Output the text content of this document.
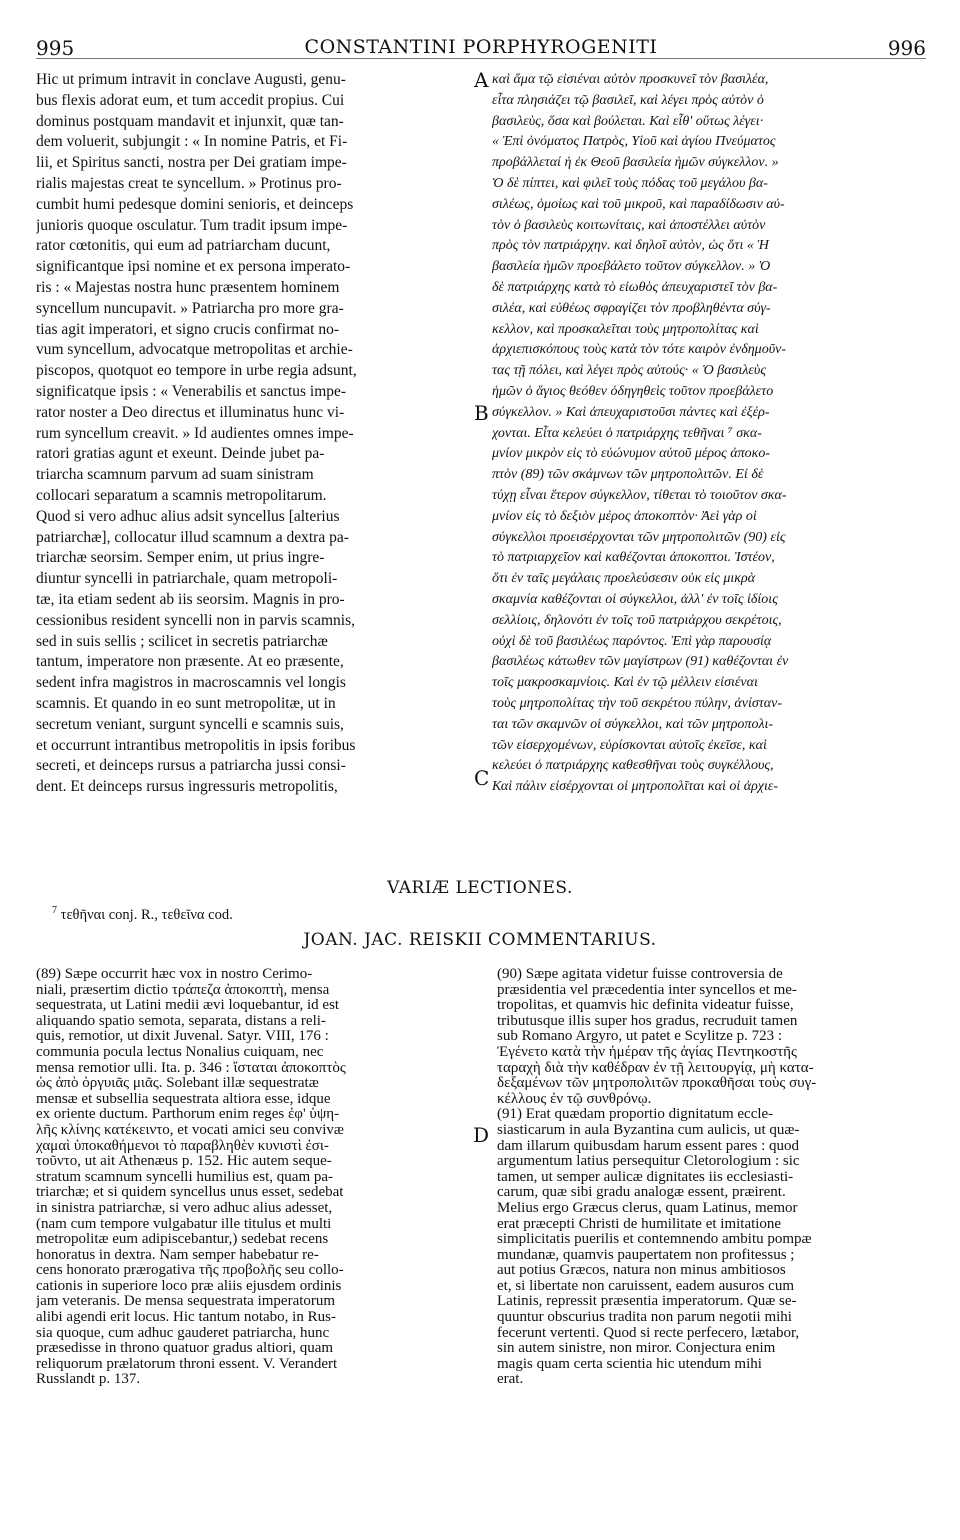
995	CONSTANTINI PORPHYROGENITI	996

Hic ut primum intravit in conclave Augusti, genu-

bus flexis adorat eum, et tum accedit propius. Cui

dominus postquam mandavit et injunxit, quæ tan-

dem voluerit, subjungit : « In nomine Patris, et Fi-

lii, et Spiritus sancti, nostra per Dei gratiam impe-

rialis majestas creat te syncellum. » Protinus pro-

cumbit humi pedesque domini senioris, et deinceps

junioris quoque osculatur. Tum tradit ipsum impe-

rator cœtonitis, qui eum ad patriarcham ducunt,

significantque ipsi nomine et ex persona imperato-

ris : « Majestas nostra hunc præsentem hominem

syncellum nuncupavit. » Patriarcha pro more gra-

tias agit imperatori, et signo crucis confirmat no-

vum syncellum, advocatque metropolitas et archie-

piscopos, quotquot eo tempore in urbe regia adsunt,

significatque ipsis : « Venerabilis et sanctus impe-

rator noster a Deo directus et illuminatus hunc vi-

rum syncellum creavit. » Id audientes omnes impe-

ratori gratias agunt et exeunt. Deinde jubet pa-

triarcha scamnum parvum ad suam sinistram

collocari separatum a scamnis metropolitarum.

Quod si vero adhuc alius adsit syncellus [alterius

patriarchæ], collocatur illud scamnum a dextra pa-

triarchæ seorsim. Semper enim, ut prius ingre-

diuntur syncelli in patriarchale, quam metropoli-

tæ, ita etiam sedent ab iis seorsim. Magnis in pro-

cessionibus resident syncelli non in parvis scamnis,

sed in suis sellis ; scilicet in secretis patriarchæ

tantum, imperatore non præsente. At eo præsente,

sedent infra magistros in macroscamnis vel longis

scamnis. Et quando in eo sunt metropolitæ, ut in

secretum veniant, surgunt syncelli e scamnis suis,

et occurrunt intrantibus metropolitis in ipsis foribus

secreti, et deinceps rursus a patriarcha jussi consi-

dent. Et deinceps rursus ingressuris metropolitis,

καὶ ἅμα τῷ εἰσιέναι αὐτὸν προσκυνεῖ τὸν βασιλέα,

εἶτα πλησιάζει τῷ βασιλεῖ, καὶ λέγει πρὸς αὐτὸν ὁ

βασιλεὺς, ὅσα καὶ βούλεται. Καὶ εἶθ' οὕτως λέγει·

« Ἐπὶ ὀνόματος Πατρὸς, Υἱοῦ καὶ ἁγίου Πνεύματος

προβάλλεταί ἡ ἐκ Θεοῦ βασιλεία ἡμῶν σύγκελλον. »

Ὁ δὲ πίπτει, καὶ φιλεῖ τοὺς πόδας τοῦ μεγάλου βα-

σιλέως, ὁμοίως καὶ τοῦ μικροῦ, καὶ παραδίδωσιν αὐ-

τὸν ὁ βασιλεὺς κοιτωνίταις, καὶ ἀποστέλλει αὐτὸν

πρὸς τὸν πατριάρχην. καὶ δηλοῖ αὐτὸν, ὡς ὅτι « Ἡ

βασιλεία ἡμῶν προεβάλετο τοῦτον σύγκελλον. » Ὁ

δὲ πατριάρχης κατὰ τὸ εἰωθὸς ἀπευχαριστεῖ τὸν βα-

σιλέα, καὶ εὐθέως σφραγίζει τὸν προβληθέντα σύγ-

κελλον, καὶ προσκαλεῖται τοὺς μητροπολίτας καὶ

ἀρχιεπισκόπους τοὺς κατὰ τὸν τότε καιρὸν ἐνδημοῦν-

τας τῇ πόλει, καὶ λέγει πρὸς αὐτούς· « Ὁ βασιλεὺς

ἡμῶν ὁ ἅγιος θεόθεν ὁδηγηθεὶς τοῦτον προεβάλετο

σύγκελλον. » Καὶ ἀπευχαριστοῦσι πάντες καὶ ἐξέρ-

χονται. Εἶτα κελεύει ὁ πατριάρχης τεθῆναι ⁷ σκα-

μνίον μικρὸν εἰς τὸ εὐώνυμον αὐτοῦ μέρος ἀποκο-

πτὸν (89) τῶν σκάμνων τῶν μητροπολιτῶν. Εἰ δὲ

τύχῃ εἶναι ἕτερον σύγκελλον, τίθεται τὸ τοιοῦτον σκα-

μνίον εἰς τὸ δεξιὸν μέρος ἀποκοπτὸν· Ἀεὶ γὰρ οἱ

σύγκελλοι προεισέρχονται τῶν μητροπολιτῶν (90) εἰς

τὸ πατριαρχεῖον καὶ καθέζονται ἀποκοπτοι. Ἰστέον,

ὅτι ἐν ταῖς μεγάλαις προελεύσεσιν οὐκ εἰς μικρὰ

σκαμνία καθέζονται οἱ σύγκελλοι, ἀλλ' ἐν τοῖς ἰδίοις

σελλίοις, δηλονότι ἐν τοῖς τοῦ πατριάρχου σεκρέτοις,

οὐχὶ δὲ τοῦ βασιλέως παρόντος. Ἐπὶ γὰρ παρουσίᾳ

βασιλέως κάτωθεν τῶν μαγίστρων (91) καθέζονται ἐν

τοῖς μακροσκαμνίοις. Καὶ ἐν τῷ μέλλειν εἰσιέναι

τοὺς μητροπολίτας τὴν τοῦ σεκρέτου πύλην, ἀνίσταν-

ται τῶν σκαμνῶν οἱ σύγκελλοι, καὶ τῶν μητροπολι-

τῶν εἰσερχομένων, εὑρίσκονται αὐτοῖς ἐκεῖσε, καὶ

κελεύει ὁ πατριάρχης καθεσθῆναι τοὺς συγκέλλους,

Καὶ πάλιν εἰσέρχονται οἱ μητροπολῖται καὶ οἱ ἀρχιε-

A
B
C
D
VARIÆ LECTIONES.
$^7$ τεθῆναι conj. R., τεθεῖνα cod.
JOAN. JAC. REISKII COMMENTARIUS.

(89) Sæpe occurrit hæc vox in nostro Cerimo-

niali, præsertim dictio τράπεζα ἀποκοπτὴ, mensa

sequestrata, ut Latini medii ævi loquebantur, id est

aliquando spatio semota, separata, distans a reli-

quis, remotior, ut dixit Juvenal. Satyr. VIII, 176 :

communia pocula lectus Nonalius cuiquam, nec

mensa remotior ulli. Ita. p. 346 : ἵσταται ἀποκοπτὸς

ὡς ἀπὸ ὀργυιᾶς μιᾶς. Solebant illæ sequestratæ

mensæ et subsellia sequestrata altiora esse, idque

ex oriente ductum. Parthorum enim reges ἐφ' ὑψη-

λῆς κλίνης κατέκειντο, et vocati amici seu convivæ

χαμαὶ ὑποκαθήμενοι τὸ παραβληθὲν κυνιστὶ ἐσι-

τοῦντο, ut ait Athenæus p. 152. Hic autem seque-

stratum scamnum syncelli humilius est, quam pa-

triarchæ; et si quidem syncellus unus esset, sedebat

in sinistra patriarchæ, si vero adhuc alius adesset,

(nam cum tempore vulgabatur ille titulus et multi

metropolitæ eum adipiscebantur,) sedebat recens

honoratus in dextra. Nam semper habebatur re-

cens honorato prærogativa τῆς προβολῆς seu collo-

cationis in superiore loco præ aliis ejusdem ordinis

jam veteranis. De mensa sequestrata imperatorum

alibi agendi erit locus. Hic tantum notabo, in Rus-

sia quoque, cum adhuc gauderet patriarcha, hunc

præsedisse in throno quatuor gradus altiori, quam

reliquorum prælatorum throni essent. V. Verandert

Russlandt p. 137.

(90) Sæpe agitata videtur fuisse controversia de

præsidentia vel præcedentia inter syncellos et me-

tropolitas, et quamvis hic definita videatur fuisse,

tributusque illis super hos gradus, recruduit tamen

sub Romano Argyro, ut patet e Scylitze p. 723 :

Ἐγένετο κατὰ τὴν ἡμέραν τῆς ἁγίας Πεντηκοστῆς

ταραχὴ διὰ τὴν καθέδραν ἐν τῇ λειτουργίᾳ, μὴ κατα-

δεξαμένων τῶν μητροπολιτῶν προκαθῆσαι τοὺς συγ-

κέλλους ἐν τῷ συνθρόνῳ.

(91) Erat quædam proportio dignitatum eccle-

siasticarum in aula Byzantina cum aulicis, ut quæ-

dam illarum quibusdam harum essent pares : quod

argumentum latius persequitur Cletorologium : sic

tamen, ut semper aulicæ dignitates iis ecclesiasti-

carum, quæ sibi gradu analogæ essent, præirent.

Melius ergo Græcus clerus, quam Latinus, memor

erat præcepti Christi de humilitate et imitatione

simplicitatis puerilis et contemnendo ambitu pompæ

mundanæ, quamvis paupertatem non profitessus ;

aut potius Græcos, natura non minus ambitiosos

et, si libertate non caruissent, eadem ausuros cum

Latinis, repressit præsentia imperatorum. Quæ se-

quuntur obscurius tradita non parum negotii mihi

fecerunt vertenti. Quod si recte perfecero, lætabor,

sin autem sinistre, non miror. Conjectura enim

magis quam certa scientia hic utendum mihi

erat.
